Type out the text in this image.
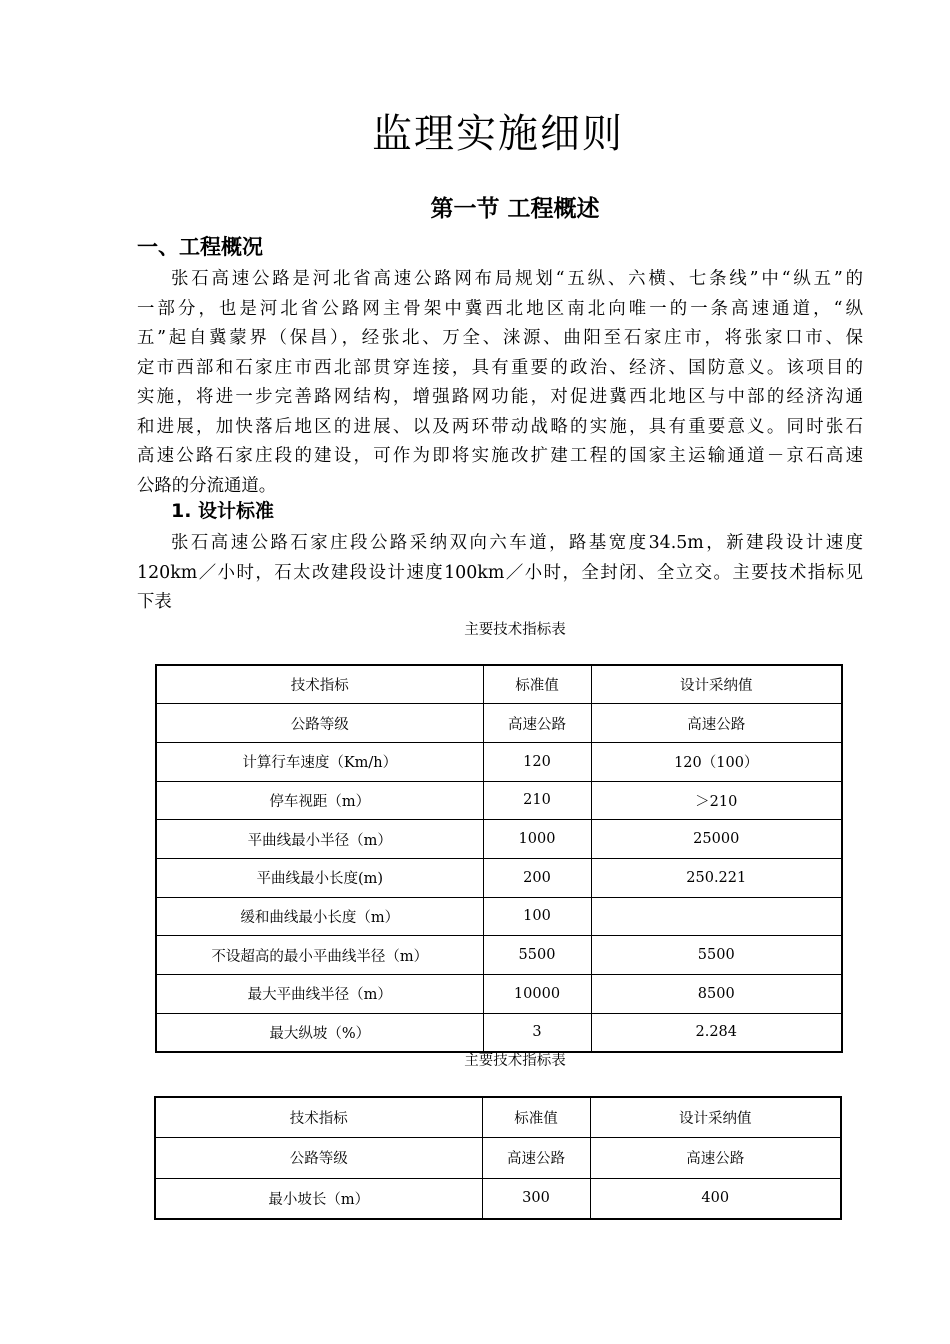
监理实施细则
第一节 工程概述
一、工程概况

张石高速公路是河北省高速公路网布局规划“五纵、六横、七条线”中“纵五”的
一部分，也是河北省公路网主骨架中冀西北地区南北向唯一的一条高速通道，“纵
五”起自冀蒙界（保昌），经张北、万全、涞源、曲阳至石家庄市，将张家口市、保
定市西部和石家庄市西北部贯穿连接，具有重要的政治、经济、国防意义。该项目的
实施，将进一步完善路网结构，增强路网功能，对促进冀西北地区与中部的经济沟通
和进展，加快落后地区的进展、以及两环带动战略的实施，具有重要意义。同时张石
高速公路石家庄段的建设，可作为即将实施改扩建工程的国家主运输通道－京石高速
公路的分流通道。

1. 设计标准

张石高速公路石家庄段公路采纳双向六车道，路基宽度34.5m，新建段设计速度
120km／小时，石太改建段设计速度100km／小时，全封闭、全立交。主要技术指标见
下表

主要技术指标表
技术指标	标准值	设计采纳值
公路等级	高速公路	高速公路
计算行车速度（Km/h）	120	120（100）
停车视距（m）	210	＞210
平曲线最小半径（m）	1000	25000
平曲线最小长度(m)	200	250.221
缓和曲线最小长度（m）	100	
不设超高的最小平曲线半径（m）	5500	5500
最大平曲线半径（m）	10000	8500
最大纵坡（%）	3	2.284
主要技术指标表
技术指标	标准值	设计采纳值
公路等级	高速公路	高速公路
最小坡长（m）	300	400
